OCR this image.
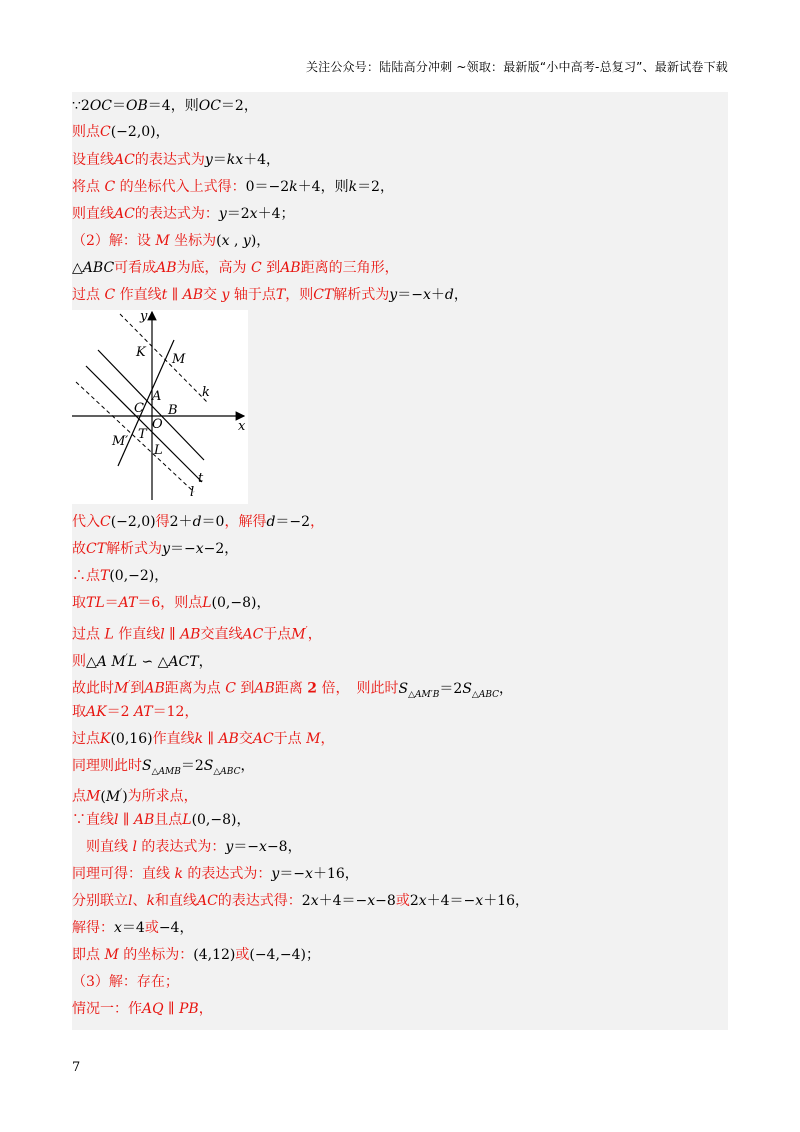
关注公众号：陆陆高分冲刺 ~领取：最新版“小中高考-总复习”、最新试卷下载
∵2OC＝OB＝4，则OC＝2，
则点C(−2,0)，
设直线AC的表达式为y＝kx＋4，
将点 C 的坐标代入上式得：0＝−2k＋4，则k＝2，
则直线AC的表达式为：y＝2x＋4；
（2）解：设 M 坐标为(x , y)，
△ABC可看成AB为底，高为 C 到AB距离的三角形，
过点 C 作直线t ∥ AB交 y 轴于点T，则CT解析式为y＝−x＋d，
y
x
K M
k
C
A
B
O
M′ T
L
t
l
代入C(−2,0)得2＋d＝0，解得d＝−2，
故CT解析式为y＝−x−2，
∴点T(0,−2)，
取TL＝AT＝6，则点L(0,−8)，
过点 L 作直线l ∥ AB交直线AC于点M′，
则△A M′L ∽ △ACT，
故此时M′到AB距离为点 C 到AB距离 2 倍，　则此时$S_{\triangle AM'B}=2S_{\triangle ABC}$，
取AK＝2 AT＝12，
过点K(0,16)作直线k ∥ AB交AC于点 M，
同理则此时$S_{\triangle AMB}=2S_{\triangle ABC}$，
点M(M′)为所求点，
∵直线l ∥ AB且点L(0,−8)，
　则直线 l 的表达式为：y＝−x−8，
同理可得：直线 k 的表达式为：y＝−x＋16，
分别联立l、k和直线AC的表达式得：2x＋4＝−x−8或2x＋4＝−x＋16，
解得：x＝4或−4，
即点 M 的坐标为：(4,12)或(−4,−4)；
（3）解：存在；
情况一：作AQ ∥ PB，
7
